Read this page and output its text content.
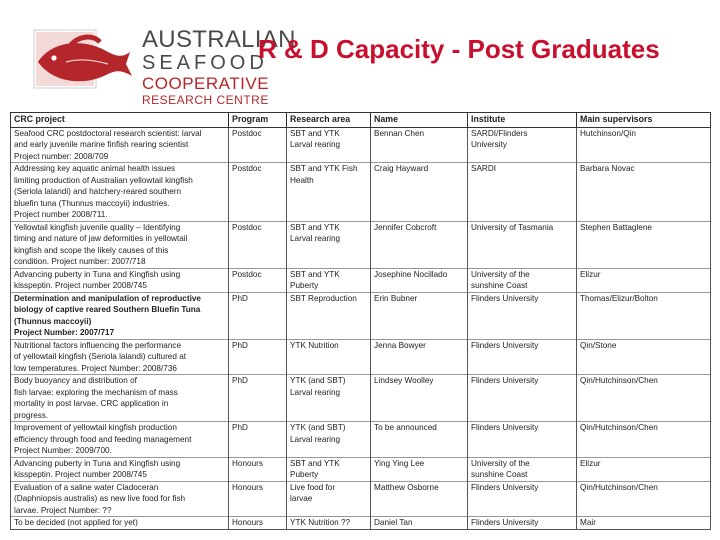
AUSTRALIAN
SEAFOOD
COOPERATIVE
RESEARCH CENTRE
R & D Capacity - Post Graduates
CRC project	Program	Research area	Name	Institute	Main supervisors

Seafood CRC postdoctoral research scientist: larval
and early juvenile marine finfish rearing scientist
Project number: 2008/709	Postdoc	SBT and YTK
Larval rearing	Bennan Chen	SARDI/Flinders
University	Hutchinson/Qin

Addressing key aquatic animal health issues
limiting production of Australian yellowtail kingfish
(Seriola lalandi) and hatchery-reared southern
bluefin tuna (Thunnus maccoyii) industries.
Project number 2008/711.	Postdoc	SBT and YTK Fish
Health	Craig Hayward	SARDI	Barbara Novac

Yellowtail kingfish juvenile quality – Identifying
timing and nature of jaw deformities in yellowtail
kingfish and scope the likely causes of this
condition. Project number: 2007/718	Postdoc	SBT and YTK
Larval rearing	Jennifer Cobcroft	University of Tasmania	Stephen Battaglene

Advancing puberty in Tuna and Kingfish using
kisspeptin. Project number 2008/745	Postdoc	SBT and YTK
Puberty	Josephine Nocillado	University of the
sunshine Coast	Elizur

Determination and manipulation of reproductive
biology of captive reared Southern Bluefin Tuna
(Thunnus maccoyii)
Project Number: 2007/717	PhD	SBT Reproduction	Erin Bubner	Flinders University	Thomas/Elizur/Bolton

Nutritional factors influencing the performance
of yellowtail kingfish (Seriola lalandi) cultured at
low temperatures. Project Number: 2008/736	PhD	YTK Nutrition	Jenna Bowyer	Flinders University	Qin/Stone

Body buoyancy and distribution of
fish larvae: exploring the mechanism of mass
mortality in post larvae. CRC application in
progress.	PhD	YTK (and SBT)
Larval rearing	Lindsey Woolley	Flinders University	Qin/Hutchinson/Chen

Improvement of yellowtail kingfish production
efficiency through food and feeding management
Project Number: 2009/700.	PhD	YTK (and SBT)
Larval rearing	To be announced	Flinders University	Qin/Hutchinson/Chen

Advancing puberty in Tuna and Kingfish using
kisspeptin. Project number 2008/745	Honours	SBT and YTK
Puberty	Ying Ying Lee	University of the
sunshine Coast	Elizur

Evaluation of a saline water Cladoceran
(Daphniopsis australis) as new live food for fish
larvae. Project Number: ??	Honours	Live food for
larvae	Matthew Osborne	Flinders University	Qin/Hutchinson/Chen

To be decided (not applied for yet)	Honours	YTK Nutrition ??	Daniel Tan	Flinders University	Mair
